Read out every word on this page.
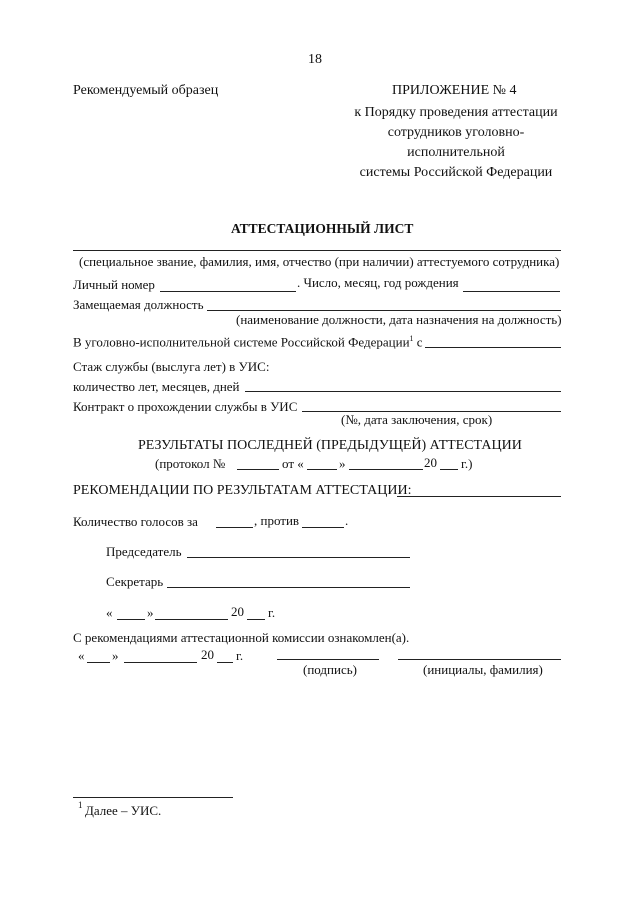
18
Рекомендуемый образец	ПРИЛОЖЕНИЕ № 4
к Порядку проведения аттестации
сотрудников уголовно-
исполнительной
системы Российской Федерации
АТТЕСТАЦИОННЫЙ ЛИСТ
(специальное звание, фамилия, имя, отчество (при наличии) аттестуемого сотрудника)
Личный номер	. Число, месяц, год рождения
Замещаемая должность
(наименование должности, дата назначения на должность)
В уголовно-исполнительной системе Российской Федерации$^1$ с
Стаж службы (выслуга лет) в УИС:
количество лет, месяцев, дней
Контракт о прохождении службы в УИС
(№, дата заключения, срок)
РЕЗУЛЬТАТЫ ПОСЛЕДНЕЙ (ПРЕДЫДУЩЕЙ) АТТЕСТАЦИИ
(протокол №	от «	»	20 г.)
РЕКОМЕНДАЦИИ ПО РЕЗУЛЬТАТАМ АТТЕСТАЦИИ:
Количество голосов за	, против	.
Председатель
Секретарь
«	»	20 г.
С рекомендациями аттестационной комиссии ознакомлен(а).
« »	20 г.
(подпись)	(инициалы, фамилия)
1 Далее – УИС.
